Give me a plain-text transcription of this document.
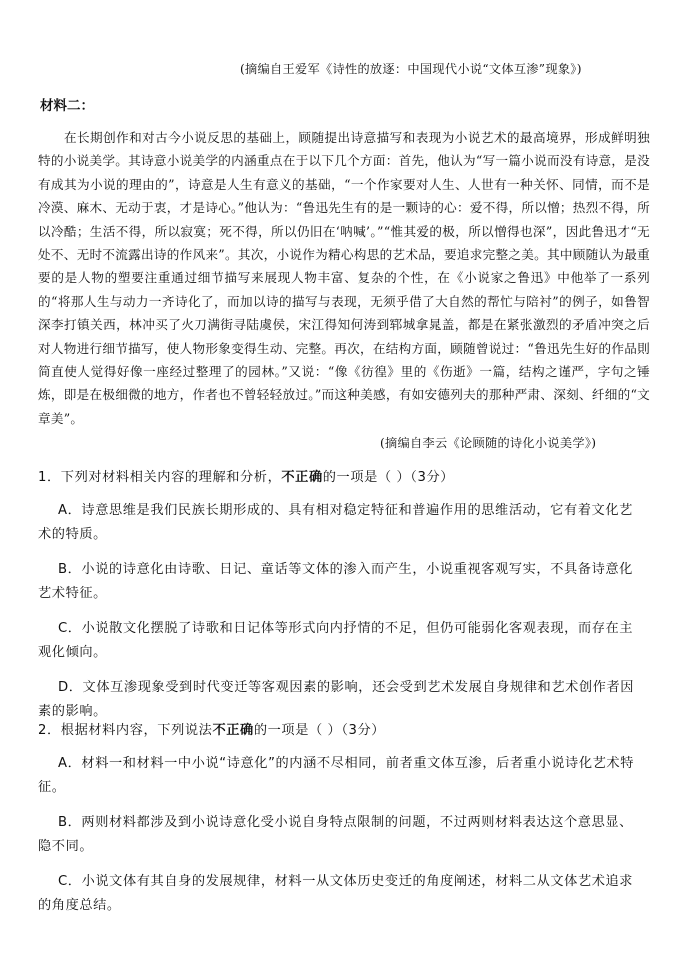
(摘编自王爱军《诗性的放逐：中国现代小说“文体互渗”现象》)
材料二：
在长期创作和对古今小说反思的基础上，顾随提出诗意描写和表现为小说艺术的最高境界，形成鲜明独特的小说美学。其诗意小说美学的内涵重点在于以下几个方面：首先，他认为“写一篇小说而没有诗意，是没有成其为小说的理由的”，诗意是人生有意义的基础，“一个作家要对人生、人世有一种关怀、同情，而不是冷漠、麻木、无动于衷，才是诗心。”他认为：“鲁迅先生有的是一颗诗的心：爱不得，所以憎；热烈不得，所以冷酷；生活不得，所以寂寞；死不得，所以仍旧在‘呐喊’。”“惟其爱的极，所以憎得也深”，因此鲁迅才“无处不、无时不流露出诗的作风来”。其次，小说作为精心构思的艺术品，要追求完整之美。其中顾随认为最重要的是人物的塑要注重通过细节描写来展现人物丰富、复杂的个性，在《小说家之鲁迅》中他举了一系列的“将那人生与动力一齐诗化了，而加以诗的描写与表现，无须乎借了大自然的帮忙与陪衬”的例子，如鲁智深李打镇关西，林冲买了火刀满街寻陆虞侯，宋江得知何涛到郓城拿晁盖，都是在紧张激烈的矛盾冲突之后对人物进行细节描写，使人物形象变得生动、完整。再次，在结构方面，顾随曾说过：“鲁迅先生好的作品則简直使人觉得好像一座经过整理了的园林。”又说：“像《彷徨》里的《伤逝》一篇，结构之谨严，字句之锤炼，即是在极细微的地方，作者也不曾轻轻放过。”而这种美感，有如安德列夫的那种严肃、深刻、纤细的“文章美”。
(摘编自李云《论顾随的诗化小说美学》)

1．下列对材料相关内容的理解和分析，不正确的一项是（ ）（3分）

A．诗意思维是我们民族长期形成的、具有相对稳定特征和普遍作用的思维活动，它有着文化艺术的特质。

B．小说的诗意化由诗歌、日记、童话等文体的渗入而产生，小说重视客观写实，不具备诗意化艺术特征。

C．小说散文化摆脱了诗歌和日记体等形式向内抒情的不足，但仍可能弱化客观表现，而存在主观化倾向。

D．文体互渗现象受到时代变迁等客观因素的影响，还会受到艺术发展自身规律和艺术创作者因素的影响。

2．根据材料内容，下列说法不正确的一项是（ ）（3分）

A．材料一和材料一中小说“诗意化”的内涵不尽相同，前者重文体互渗，后者重小说诗化艺术特征。

B．两则材料都涉及到小说诗意化受小说自身特点限制的问题，不过两则材料表达这个意思显、隐不同。

C．小说文体有其自身的发展规律，材料一从文体历史变迁的角度阐述，材料二从文体艺术追求的角度总结。
